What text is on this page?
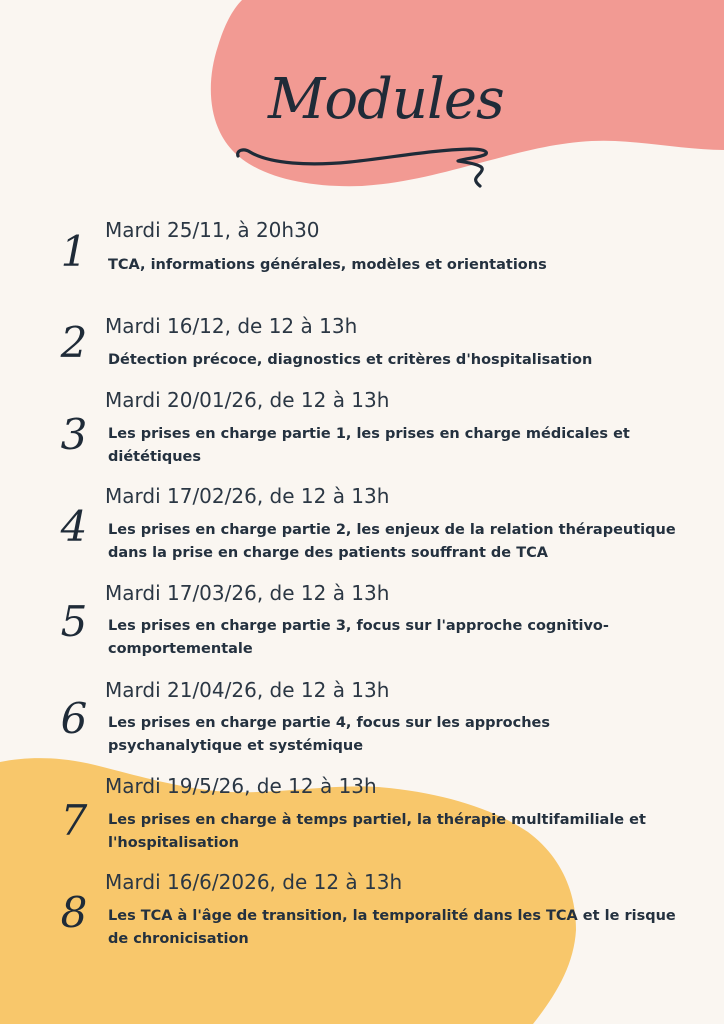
Modules
1 Mardi 25/11, à 20h30

TCA, informations générales, modèles et orientations

2 Mardi 16/12, de 12 à 13h

Détection précoce, diagnostics et critères d'hospitalisation

3
Mardi 20/01/26, de 12 à 13h

Les prises en charge partie 1, les prises en charge médicales et diététiques

4
Mardi 17/02/26, de 12 à 13h

Les prises en charge partie 2, les enjeux de la relation thérapeutique dans la prise en charge des patients souffrant de TCA

5
Mardi 17/03/26, de 12 à 13h

Les prises en charge partie 3, focus sur l'approche cognitivo-comportementale

6
Mardi 21/04/26, de 12 à 13h

Les prises en charge partie 4, focus sur les approches psychanalytique et systémique

7
Mardi 19/5/26, de 12 à 13h

Les prises en charge à temps partiel, la thérapie multifamiliale et l'hospitalisation

8
Mardi 16/6/2026, de 12 à 13h

Les TCA à l'âge de transition, la temporalité dans les TCA et le risque de chronicisation
